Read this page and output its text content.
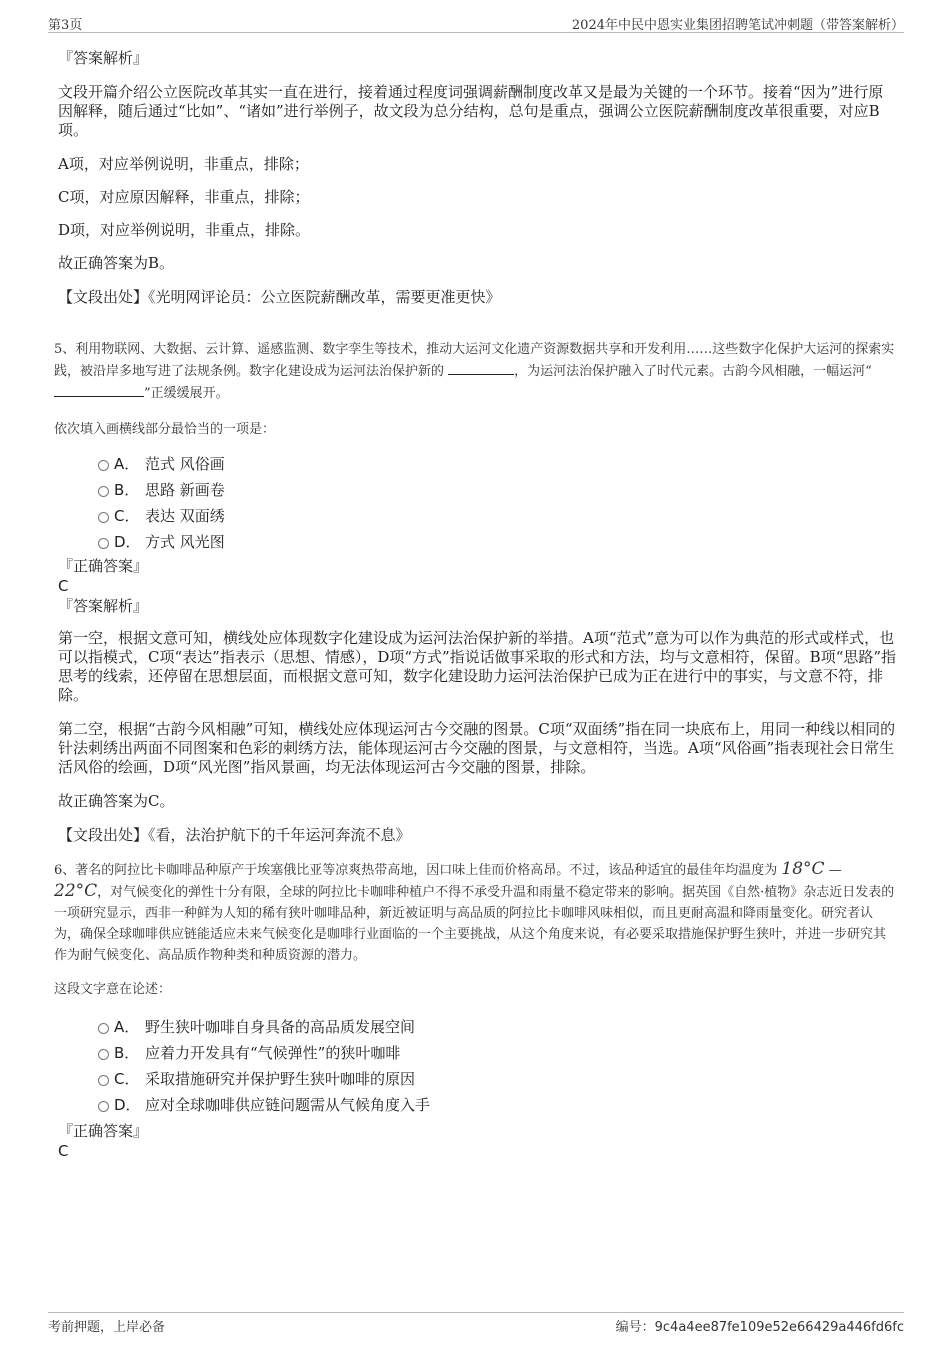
第3页	2024年中民中恩实业集团招聘笔试冲刺题（带答案解析）
『答案解析』

文段开篇介绍公立医院改革其实一直在进行，接着通过程度词强调薪酬制度改革又是最为关键的一个环节。接着“因为”进行原因解释，随后通过“比如”、“诸如”进行举例子，故文段为总分结构，总句是重点，强调公立医院薪酬制度改革很重要，对应B项。

A项，对应举例说明，非重点，排除；

C项，对应原因解释，非重点，排除；

D项，对应举例说明，非重点，排除。

故正确答案为B。

【文段出处】《光明网评论员：公立医院薪酬改革，需要更准更快》

5、利用物联网、大数据、云计算、遥感监测、数字孪生等技术，推动大运河文化遗产资源数据共享和开发利用……这些数字化保护大运河的探索实践，被沿岸多地写进了法规条例。数字化建设成为运河法治保护新的	，为运河法治保护融入了时代元素。古韵今风相融，一幅运河“ ”正缓缓展开。
依次填入画横线部分最恰当的一项是：
A． 范式 风俗画
B． 思路 新画卷
C． 表达 双面绣
D． 方式 风光图
『正确答案』
C
『答案解析』

第一空，根据文意可知，横线处应体现数字化建设成为运河法治保护新的举措。A项“范式”意为可以作为典范的形式或样式，也可以指模式，C项“表达”指表示（思想、情感），D项“方式”指说话做事采取的形式和方法，均与文意相符，保留。B项“思路”指思考的线索，还停留在思想层面，而根据文意可知，数字化建设助力运河法治保护已成为正在进行中的事实，与文意不符，排除。

第二空，根据“古韵今风相融”可知，横线处应体现运河古今交融的图景。C项“双面绣”指在同一块底布上，用同一种线以相同的针法刺绣出两面不同图案和色彩的刺绣方法，能体现运河古今交融的图景，与文意相符，当选。A项“风俗画”指表现社会日常生活风俗的绘画，D项“风光图”指风景画，均无法体现运河古今交融的图景，排除。

故正确答案为C。

【文段出处】《看，法治护航下的千年运河奔流不息》

6、著名的阿拉比卡咖啡品种原产于埃塞俄比亚等凉爽热带高地，因口味上佳而价格高昂。不过，该品种适宜的最佳年均温度为 18°C — 22°C，对气候变化的弹性十分有限，全球的阿拉比卡咖啡种植户不得不承受升温和雨量不稳定带来的影响。据英国《自然·植物》杂志近日发表的一项研究显示，西非一种鲜为人知的稀有狭叶咖啡品种，新近被证明与高品质的阿拉比卡咖啡风味相似，而且更耐高温和降雨量变化。研究者认为，确保全球咖啡供应链能适应未来气候变化是咖啡行业面临的一个主要挑战，从这个角度来说，有必要采取措施保护野生狭叶，并进一步研究其作为耐气候变化、高品质作物种类和种质资源的潜力。
这段文字意在论述：
A． 野生狭叶咖啡自身具备的高品质发展空间
B． 应着力开发具有“气候弹性”的狭叶咖啡
C． 采取措施研究并保护野生狭叶咖啡的原因
D． 应对全球咖啡供应链问题需从气候角度入手
『正确答案』
C
考前押题，上岸必备	编号：9c4a4ee87fe109e52e66429a446fd6fc
